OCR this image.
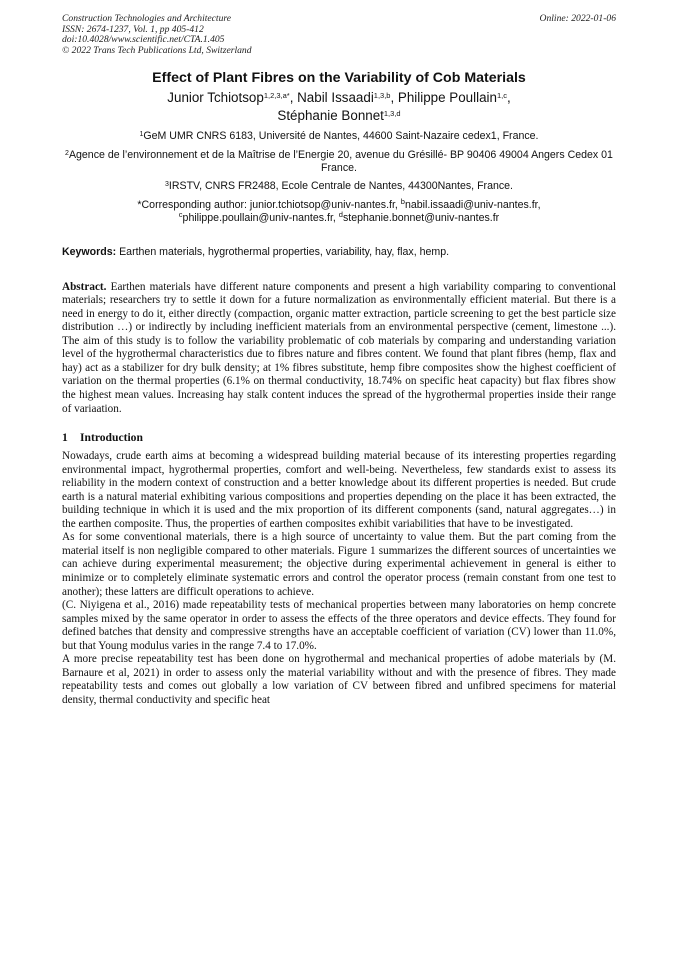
Construction Technologies and Architecture
ISSN: 2674-1237, Vol. 1, pp 405-412
doi:10.4028/www.scientific.net/CTA.1.405
© 2022 Trans Tech Publications Ltd, Switzerland
Online: 2022-01-06
Effect of Plant Fibres on the Variability of Cob Materials
Junior Tchiotsop$^{1,2,3,a*}$, Nabil Issaadi$^{1,3,b}$, Philippe Poullain$^{1,c}$,
Stéphanie Bonnet$^{1,3,d}$
$^1$GeM UMR CNRS 6183, Université de Nantes, 44600 Saint-Nazaire cedex1, France.
$^2$Agence de l’environnement et de la Maîtrise de l’Energie 20, avenue du Grésillé- BP 90406 49004 Angers Cedex 01 France.
$^3$IRSTV, CNRS FR2488, Ecole Centrale de Nantes, 44300Nantes, France.
*Corresponding author: junior.tchiotsop@univ-nantes.fr, $^b$nabil.issaadi@univ-nantes.fr,
$^c$philippe.poullain@univ-nantes.fr, $^d$stephanie.bonnet@univ-nantes.fr
Keywords: Earthen materials, hygrothermal properties, variability, hay, flax, hemp.

Abstract. Earthen materials have different nature components and present a high variability comparing to conventional materials; researchers try to settle it down for a future normalization as environmentally efficient material. But there is a need in energy to do it, either directly (compaction, organic matter extraction, particle screening to get the best particle size distribution …) or indirectly by including inefficient materials from an environmental perspective (cement, limestone ...). The aim of this study is to follow the variability problematic of cob materials by comparing and understanding variation level of the hygrothermal characteristics due to fibres nature and fibres content. We found that plant fibres (hemp, flax and hay) act as a stabilizer for dry bulk density; at 1% fibres substitute, hemp fibre composites show the highest coefficient of variation on the thermal properties (6.1% on thermal conductivity, 18.74% on specific heat capacity) but flax fibres show the highest mean values. Increasing hay stalk content induces the spread of the hygrothermal properties inside their range of variaation.

1 Introduction

Nowadays, crude earth aims at becoming a widespread building material because of its interesting properties regarding environmental impact, hygrothermal properties, comfort and well-being. Nevertheless, few standards exist to assess its reliability in the modern context of construction and a better knowledge about its different properties is needed. But crude earth is a natural material exhibiting various compositions and properties depending on the place it has been extracted, the building technique in which it is used and the mix proportion of its different components (sand, natural aggregates…) in the earthen composite. Thus, the properties of earthen composites exhibit variabilities that have to be investigated.

As for some conventional materials, there is a high source of uncertainty to value them. But the part coming from the material itself is non negligible compared to other materials. Figure 1 summarizes the different sources of uncertainties we can achieve during experimental measurement; the objective during experimental achievement in general is either to minimize or to completely eliminate systematic errors and control the operator process (remain constant from one test to another); these latters are difficult operations to achieve.

(C. Niyigena et al., 2016) made repeatability tests of mechanical properties between many laboratories on hemp concrete samples mixed by the same operator in order to assess the effects of the three operators and device effects. They found for defined batches that density and compressive strengths have an acceptable coefficient of variation (CV) lower than 11.0%, but that Young modulus varies in the range 7.4 to 17.0%.

A more precise repeatability test has been done on hygrothermal and mechanical properties of adobe materials by (M. Barnaure et al, 2021) in order to assess only the material variability without and with the presence of fibres. They made repeatability tests and comes out globally a low variation of CV between fibred and unfibred specimens for material density, thermal conductivity and specific heat
